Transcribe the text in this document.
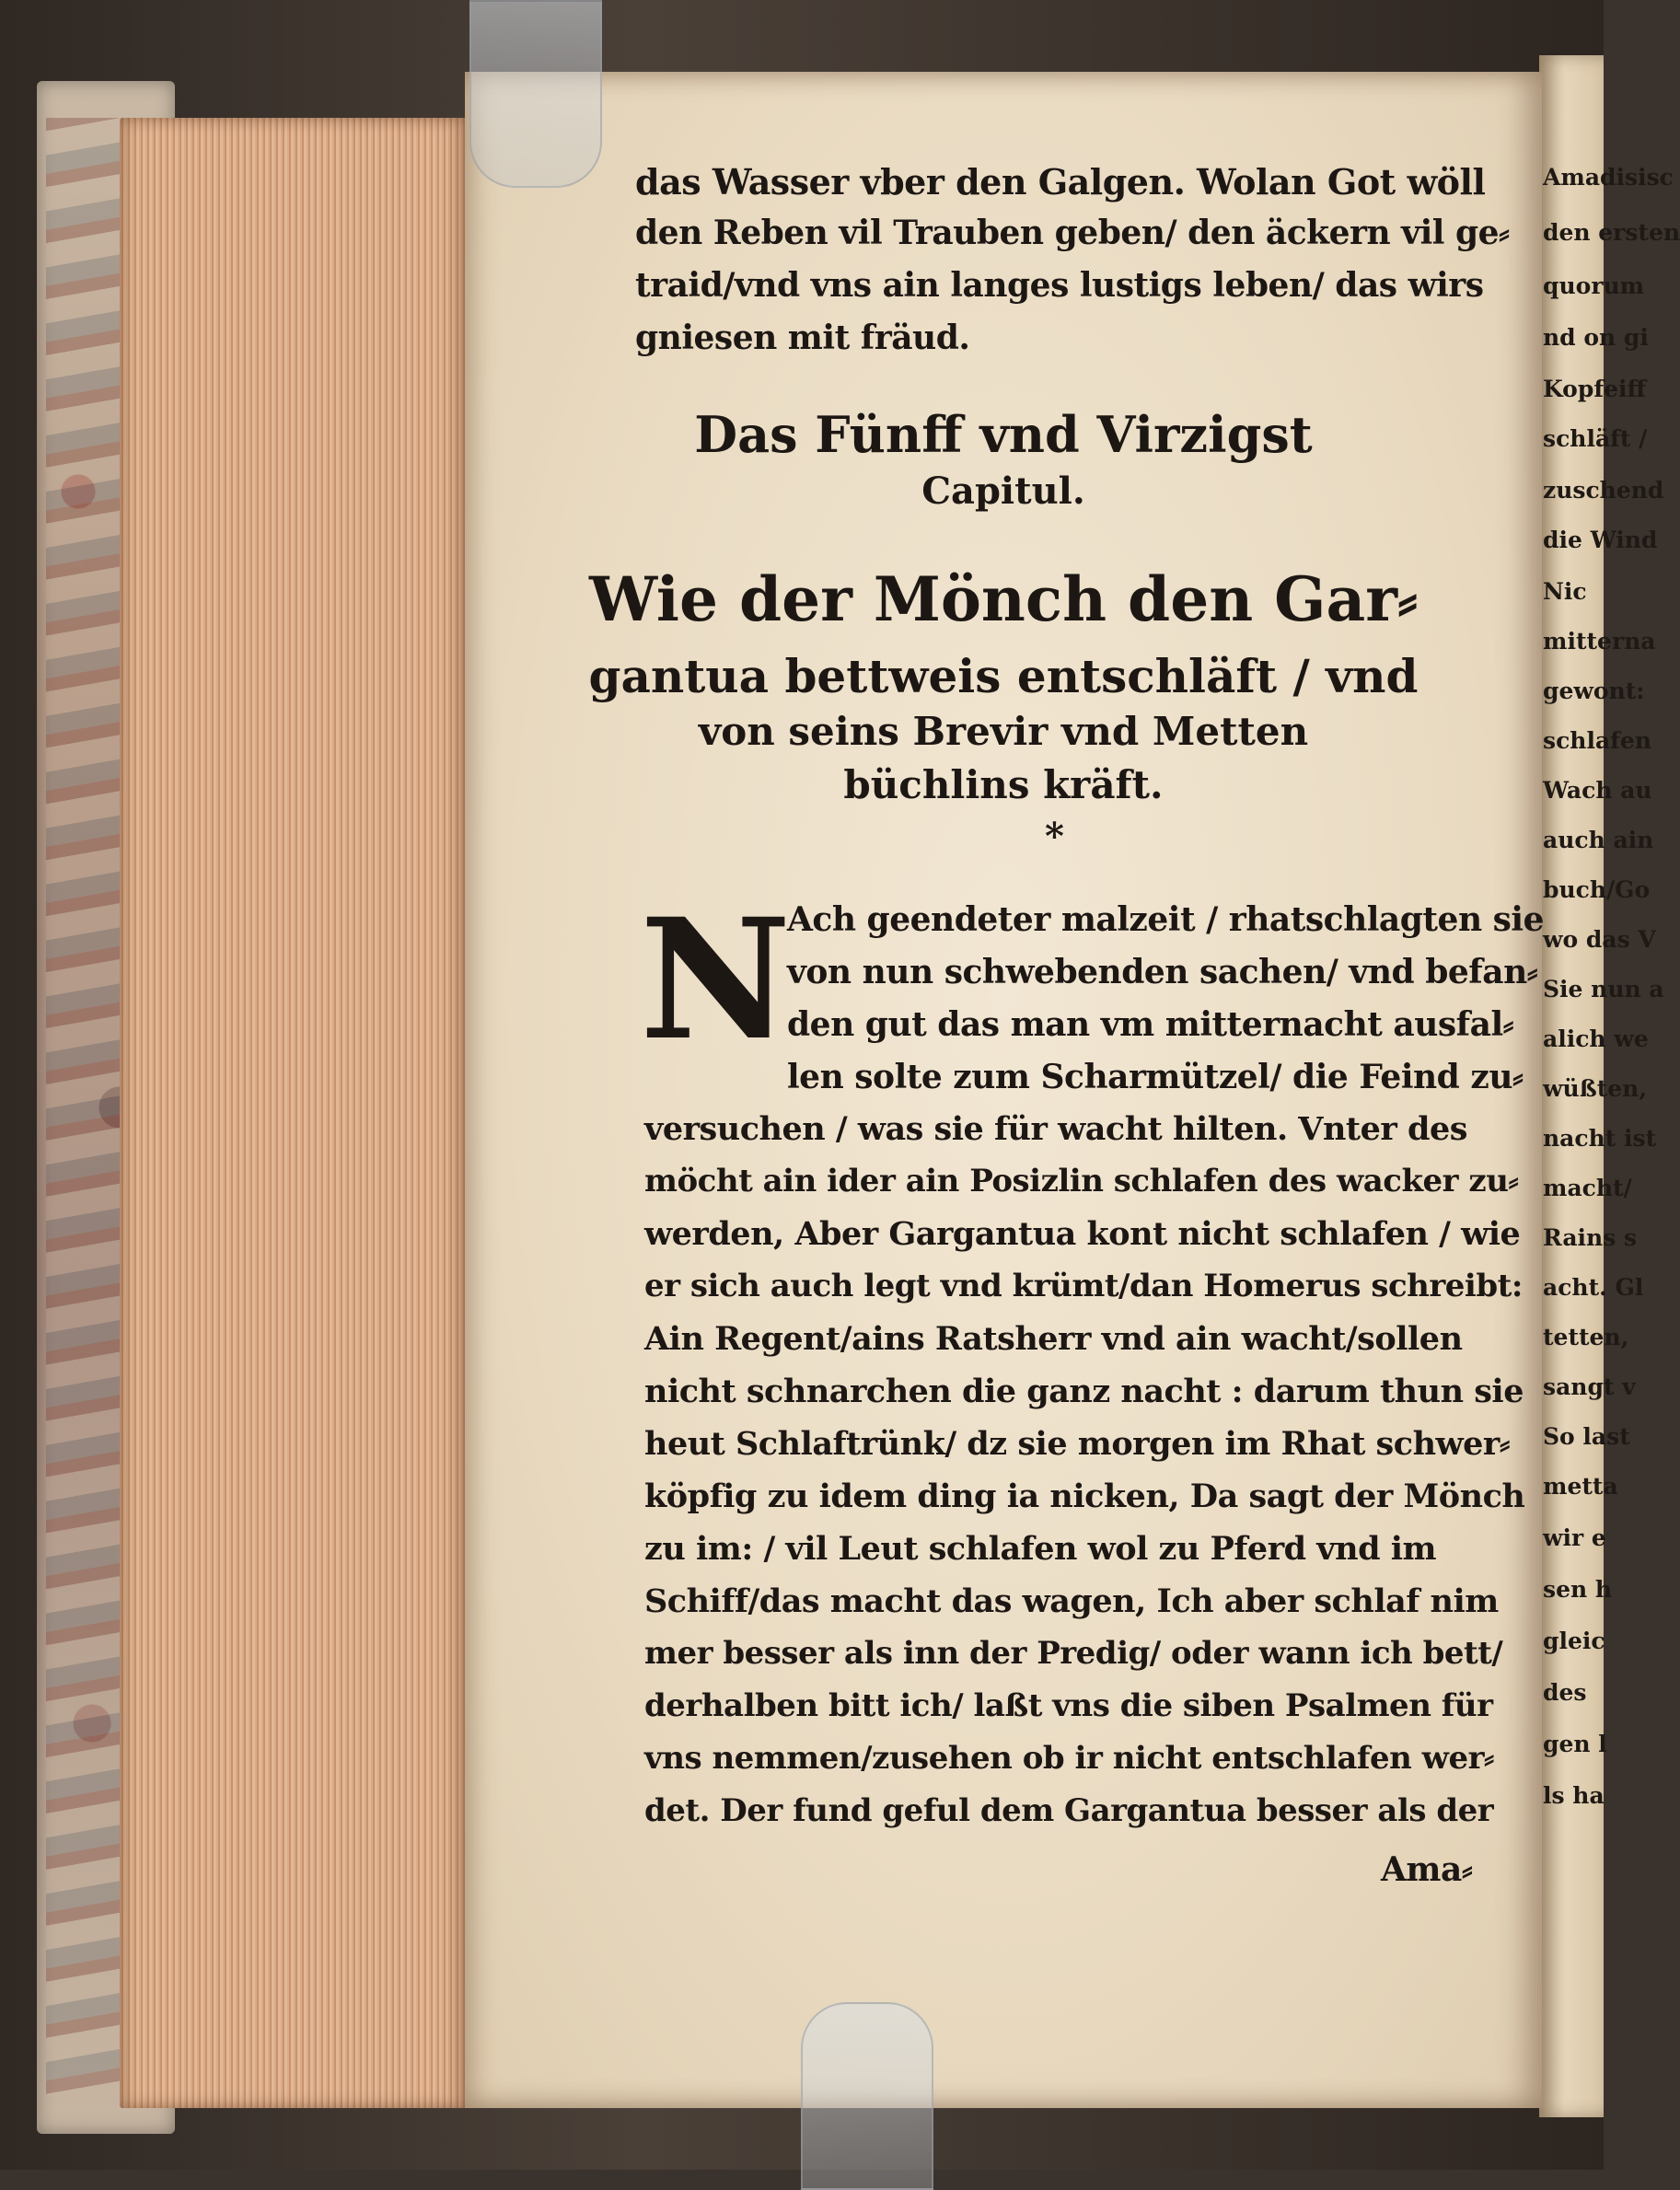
das Wasser vber den Galgen. Wolan Got wöll
den Reben vil Trauben geben/ den äckern vil ge⸗
traid/vnd vns ain langes lustigs leben/ das wirs
gniesen mit fräud.
Das Fünff vnd Virzigst
Capitul.
Wie der Mönch den Gar⸗
gantua bettweis entschläft / vnd
von seins Brevir vnd Metten
büchlins kräft.
*
N
Ach geendeter malzeit / rhatschlagten sie
von nun schwebenden sachen/ vnd befan⸗
den gut das man vm mitternacht ausfal⸗
len solte zum Scharmützel/ die Feind zu⸗
versuchen / was sie für wacht hilten. Vnter des
möcht ain ider ain Posizlin schlafen des wacker zu⸗
werden, Aber Gargantua kont nicht schlafen / wie
er sich auch legt vnd krümt/dan Homerus schreibt:
Ain Regent/ains Ratsherr vnd ain wacht/sollen
nicht schnarchen die ganz nacht : darum thun sie
heut Schlaftrünk/ dz sie morgen im Rhat schwer⸗
köpfig zu idem ding ia nicken, Da sagt der Mönch
zu im: / vil Leut schlafen wol zu Pferd vnd im
Schiff/das macht das wagen, Ich aber schlaf nim
mer besser als inn der Predig/ oder wann ich bett/
derhalben bitt ich/ laßt vns die siben Psalmen für
vns nemmen/zusehen ob ir nicht entschlafen wer⸗
det. Der fund geful dem Gargantua besser als der
Ama⸗
Amadisisc
den ersten
quorum
nd on gi
Kopfeiff
schläft /
zuschend
die Wind
Nic
mitterna
gewont:
schlafen
Wach au
auch ain
buch/Go
wo das V
Sie nun a
alich we
wüßten,
nacht ist
macht/
Rains s
acht. Gl
tetten,
sangt v
So last
metta
wir e
sen h
gleic
des
gen l
ls ha
